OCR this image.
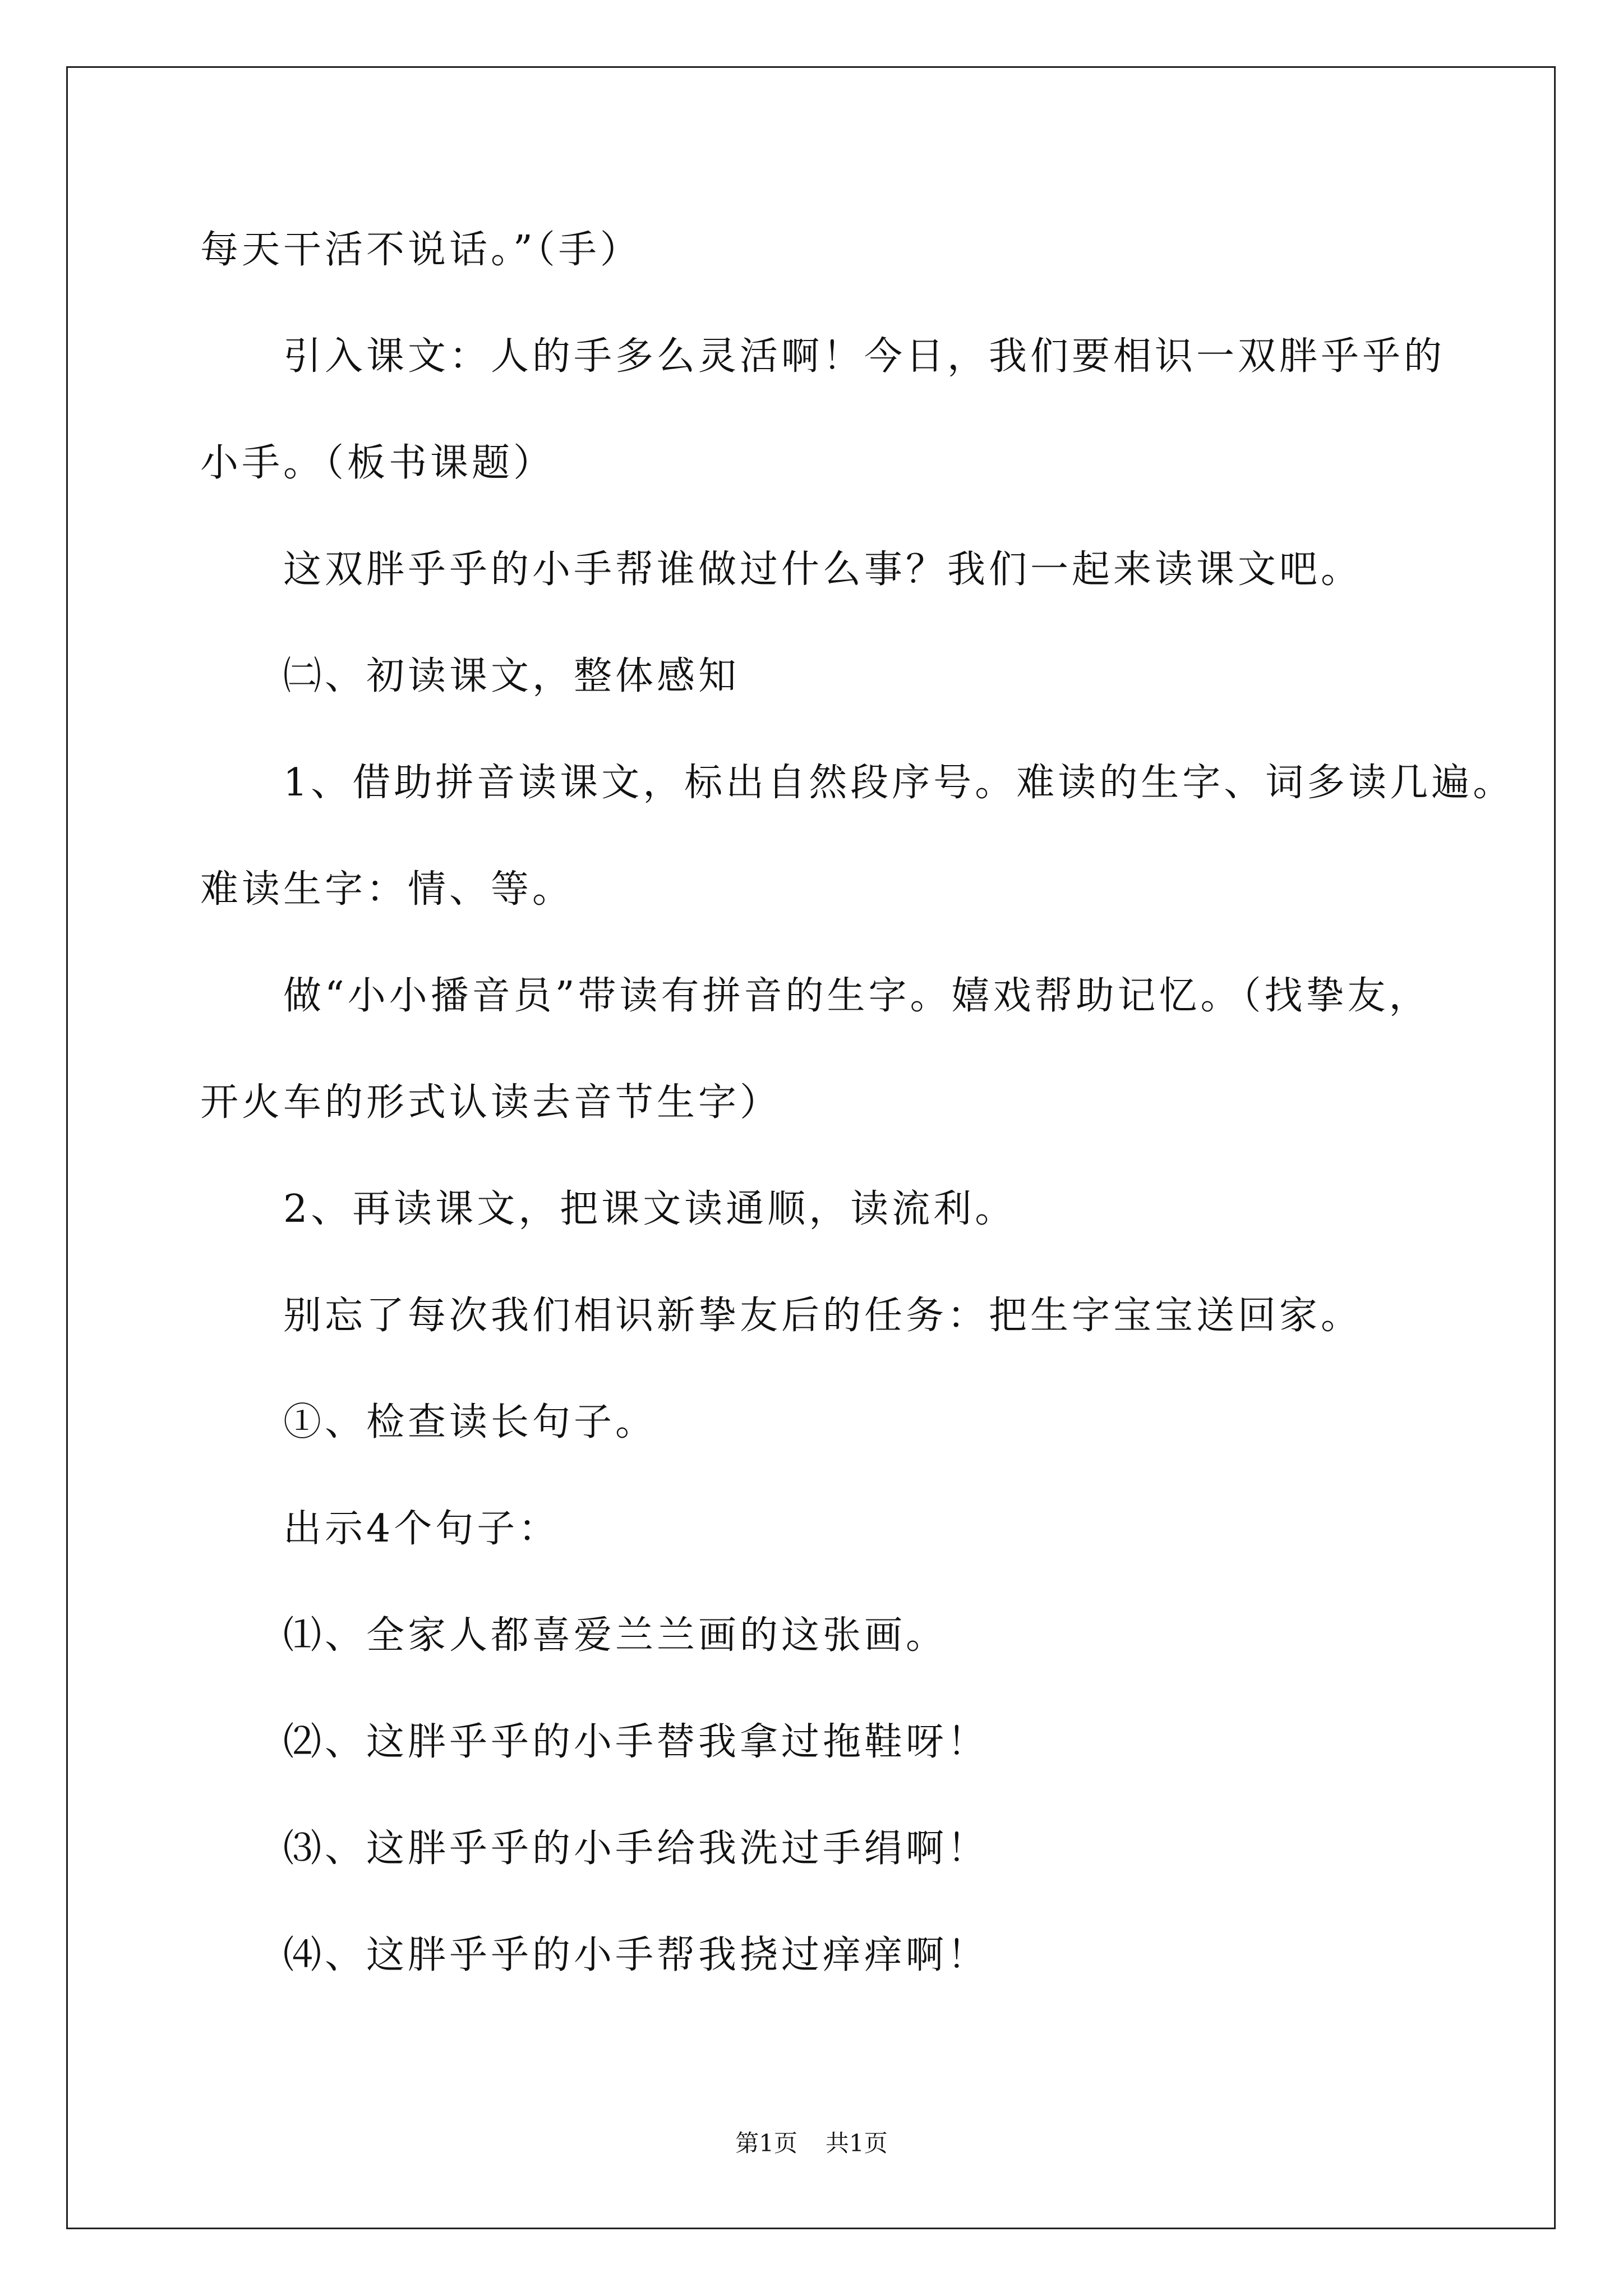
每天干活不说话。”（手）
引入课文：人的手多么灵活啊！今日，我们要相识一双胖乎乎的
小手。（板书课题）
这双胖乎乎的小手帮谁做过什么事？我们一起来读课文吧。
㈡、初读课文，整体感知
1、借助拼音读课文，标出自然段序号。难读的生字、词多读几遍。
难读生字：情、等。
做“小小播音员”带读有拼音的生字。嬉戏帮助记忆。（找挚友，
开火车的形式认读去音节生字）
2、再读课文，把课文读通顺，读流利。
别忘了每次我们相识新挚友后的任务：把生字宝宝送回家。
①、检查读长句子。
出示4个句子：
⑴、全家人都喜爱兰兰画的这张画。
⑵、这胖乎乎的小手替我拿过拖鞋呀！
⑶、这胖乎乎的小手给我洗过手绢啊！
⑷、这胖乎乎的小手帮我挠过痒痒啊！
第1页 共1页
